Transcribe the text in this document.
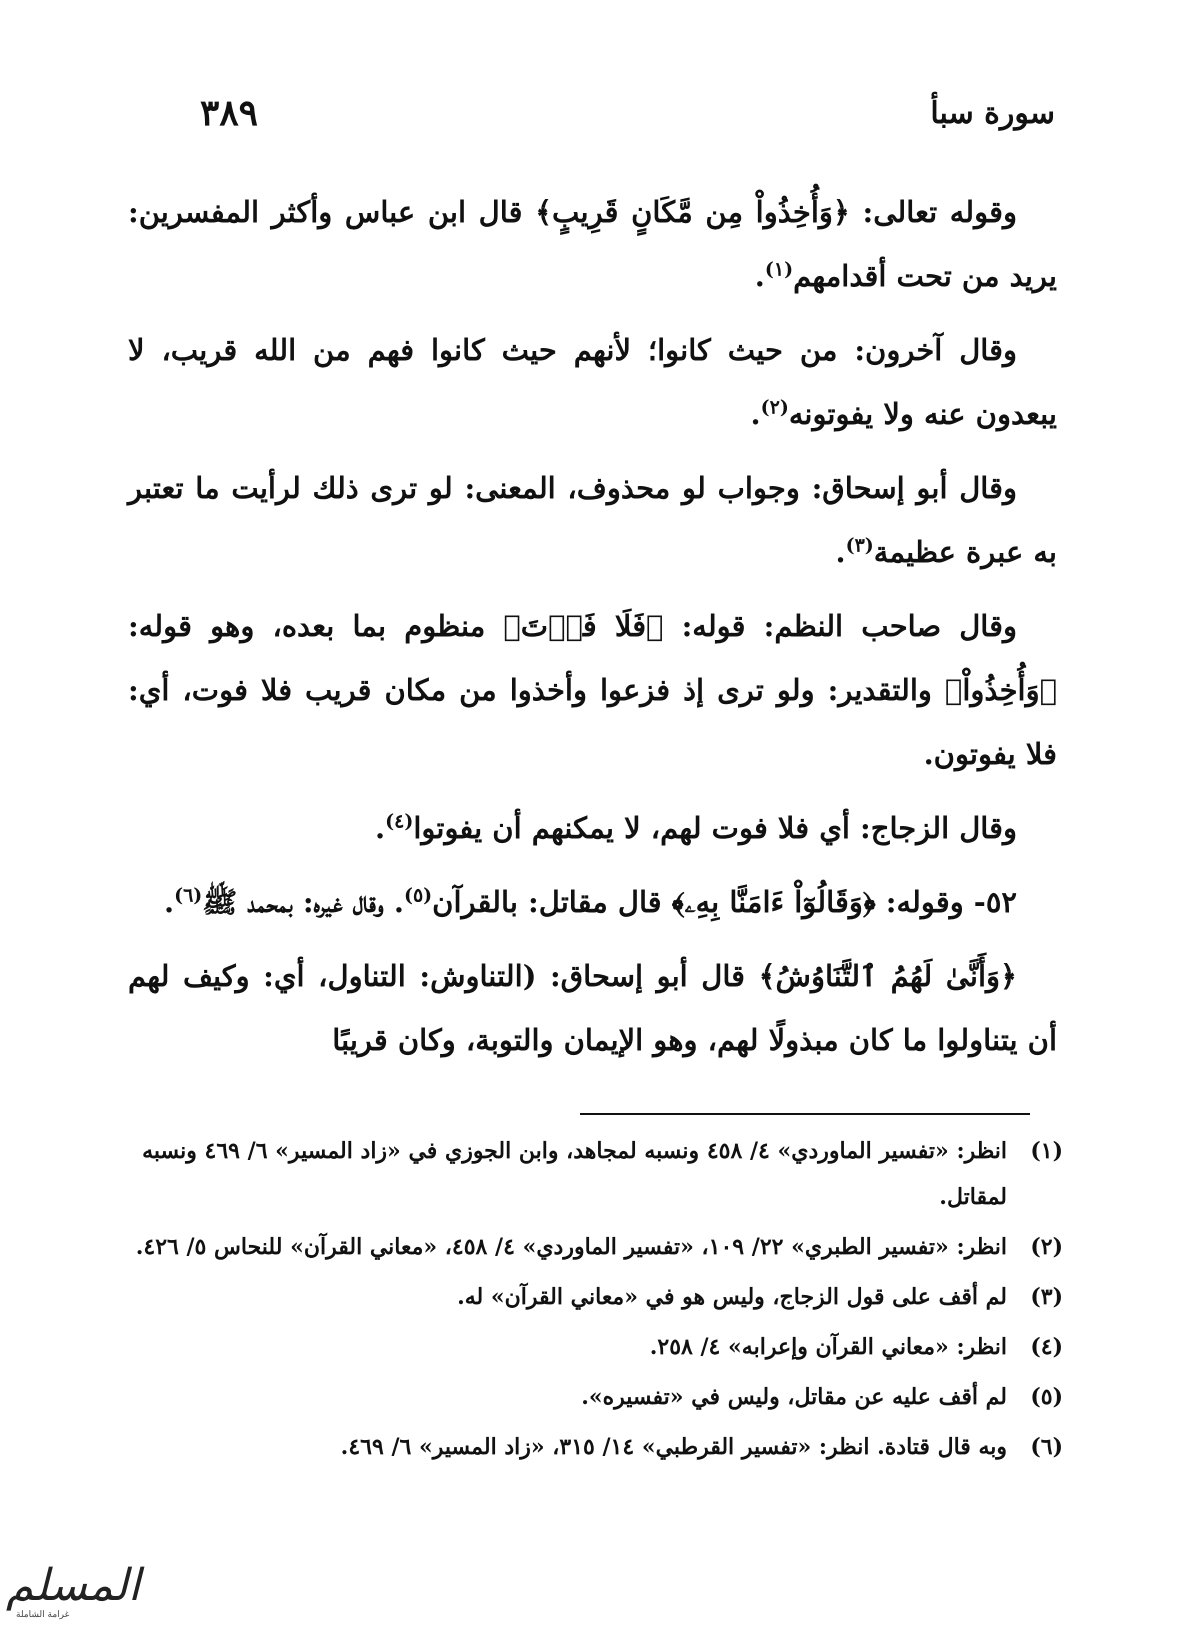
سورة سبأ
٣٨٩

وقوله تعالى: ﴿وَأُخِذُواْ مِن مَّكَانٍ قَرِيبٍ﴾ قال ابن عباس وأكثر المفسرين: يريد من تحت أقدامهم$^{(١)}$.

وقال آخرون: من حيث كانوا؛ لأنهم حيث كانوا فهم من الله قريب، لا يبعدون عنه ولا يفوتونه$^{(٢)}$.

وقال أبو إسحاق: وجواب لو محذوف، المعنى: لو ترى ذلك لرأيت ما تعتبر به عبرة عظيمة$^{(٣)}$.

وقال صاحب النظم: قوله: ﴿فَلَا فَوۡتَ﴾ منظوم بما بعده، وهو قوله: ﴿وَأُخِذُواْ﴾ والتقدير: ولو ترى إذ فزعوا وأخذوا من مكان قريب فلا فوت، أي: فلا يفوتون.

وقال الزجاج: أي فلا فوت لهم، لا يمكنهم أن يفوتوا$^{(٤)}$.

٥٢- وقوله: ﴿وَقَالُوٓاْ ءَامَنَّا بِهِۦ﴾ قال مقاتل: بالقرآن$^{(٥)}$. وقال غيره: بمحمد ﷺ$^{(٦)}$.

﴿وَأَنَّىٰ لَهُمُ ٱلتَّنَاوُشُ﴾ قال أبو إسحاق: (التناوش: التناول، أي: وكيف لهم أن يتناولوا ما كان مبذولًا لهم، وهو الإيمان والتوبة، وكان قريبًا

(١)
انظر: «تفسير الماوردي» ٤/ ٤٥٨ ونسبه لمجاهد، وابن الجوزي في «زاد المسير» ٦/ ٤٦٩ ونسبه لمقاتل.
(٢)
انظر: «تفسير الطبري» ٢٢/ ١٠٩، «تفسير الماوردي» ٤/ ٤٥٨، «معاني القرآن» للنحاس ٥/ ٤٢٦.
(٣)
لم أقف على قول الزجاج، وليس هو في «معاني القرآن» له.
(٤)
انظر: «معاني القرآن وإعرابه» ٤/ ٢٥٨.
(٥)
لم أقف عليه عن مقاتل، وليس في «تفسيره».
(٦)
وبه قال قتادة. انظر: «تفسير القرطبي» ١٤/ ٣١٥، «زاد المسير» ٦/ ٤٦٩.
المسلم
غرامة الشاملة
